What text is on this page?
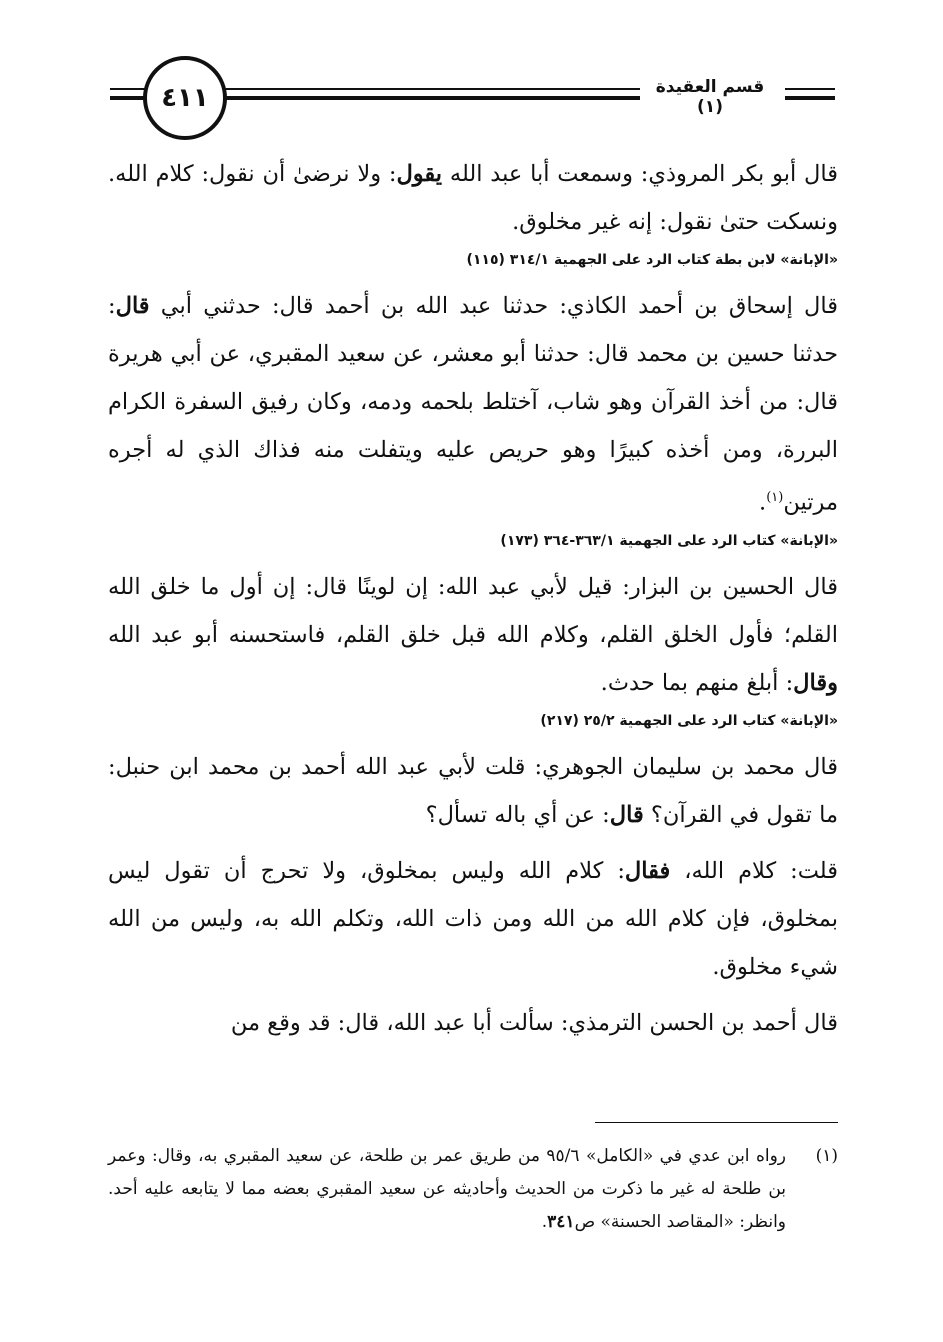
٤١١	قسم العقيدة (١)

قال أبو بكر المروذي: وسمعت أبا عبد الله يقول: ولا نرضىٰ أن نقول: كلام الله. ونسكت حتىٰ نقول: إنه غير مخلوق.

«الإبانة» لابن بطة كتاب الرد على الجهمية ٣١٤/١ (١١٥)

قال إسحاق بن أحمد الكاذي: حدثنا عبد الله بن أحمد قال: حدثني أبي قال: حدثنا حسين بن محمد قال: حدثنا أبو معشر، عن سعيد المقبري، عن أبي هريرة قال: من أخذ القرآن وهو شاب، آختلط بلحمه ودمه، وكان رفيق السفرة الكرام البررة، ومن أخذه كبيرًا وهو حريص عليه ويتفلت منه فذاك الذي له أجره مرتين$^{(١)}$.

«الإبانة» كتاب الرد على الجهمية ٣٦٣/١-٣٦٤ (١٧٣)

قال الحسين بن البزار: قيل لأبي عبد الله: إن لوينًا قال: إن أول ما خلق الله القلم؛ فأول الخلق القلم، وكلام الله قبل خلق القلم، فاستحسنه أبو عبد الله وقال: أبلغ منهم بما حدث.

«الإبانة» كتاب الرد على الجهمية ٢٥/٢ (٢١٧)

قال محمد بن سليمان الجوهري: قلت لأبي عبد الله أحمد بن محمد ابن حنبل: ما تقول في القرآن؟ قال: عن أي باله تسأل؟

قلت: كلام الله، فقال: كلام الله وليس بمخلوق، ولا تحرج أن تقول ليس بمخلوق، فإن كلام الله من الله ومن ذات الله، وتكلم الله به، وليس من الله شيء مخلوق.

قال أحمد بن الحسن الترمذي: سألت أبا عبد الله، قال: قد وقع من

(١)
رواه ابن عدي في «الكامل» ٩٥/٦ من طريق عمر بن طلحة، عن سعيد المقبري به، وقال: وعمر بن طلحة له غير ما ذكرت من الحديث وأحاديثه عن سعيد المقبري بعضه مما لا يتابعه عليه أحد. وانظر: «المقاصد الحسنة» ص٣٤١.
